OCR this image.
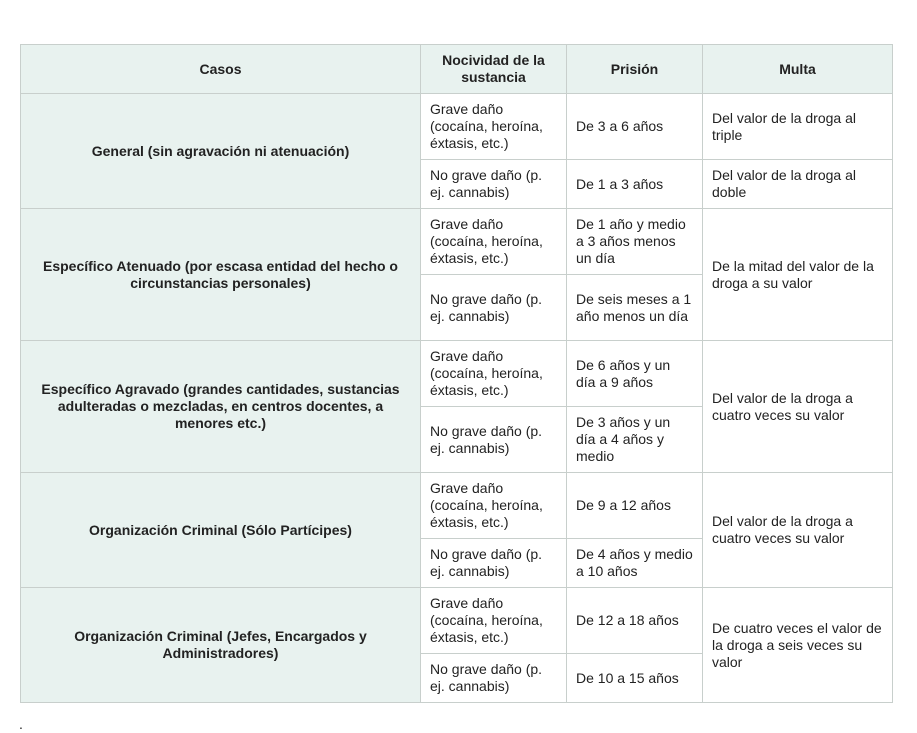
Casos	Nocividad de la sustancia	Prisión	Multa
General (sin agravación ni atenuación)	Grave daño (cocaína, heroína, éxtasis, etc.)	De 3 a 6 años	Del valor de la droga al triple
	No grave daño (p. ej. cannabis)	De 1 a 3 años	Del valor de la droga al doble
Específico Atenuado (por escasa entidad del hecho o circunstancias personales)	Grave daño (cocaína, heroína, éxtasis, etc.)	De 1 año y medio a 3 años menos un día	De la mitad del valor de la droga a su valor
	No grave daño (p. ej. cannabis)	De seis meses a 1 año menos un día	
Específico Agravado (grandes cantidades, sustancias adulteradas o mezcladas, en centros docentes, a menores etc.)	Grave daño (cocaína, heroína, éxtasis, etc.)	De 6 años y un día a 9 años	Del valor de la droga a cuatro veces su valor
	No grave daño (p. ej. cannabis)	De 3 años y un día a 4 años y medio	
Organización Criminal (Sólo Partícipes)	Grave daño (cocaína, heroína, éxtasis, etc.)	De 9 a 12 años	Del valor de la droga a cuatro veces su valor
	No grave daño (p. ej. cannabis)	De 4 años y medio a 10 años	
Organización Criminal (Jefes, Encargados y Administradores)	Grave daño (cocaína, heroína, éxtasis, etc.)	De 12 a 18 años	De cuatro veces el valor de la droga a seis veces su valor
	No grave daño (p. ej. cannabis)	De 10 a 15 años	
.
